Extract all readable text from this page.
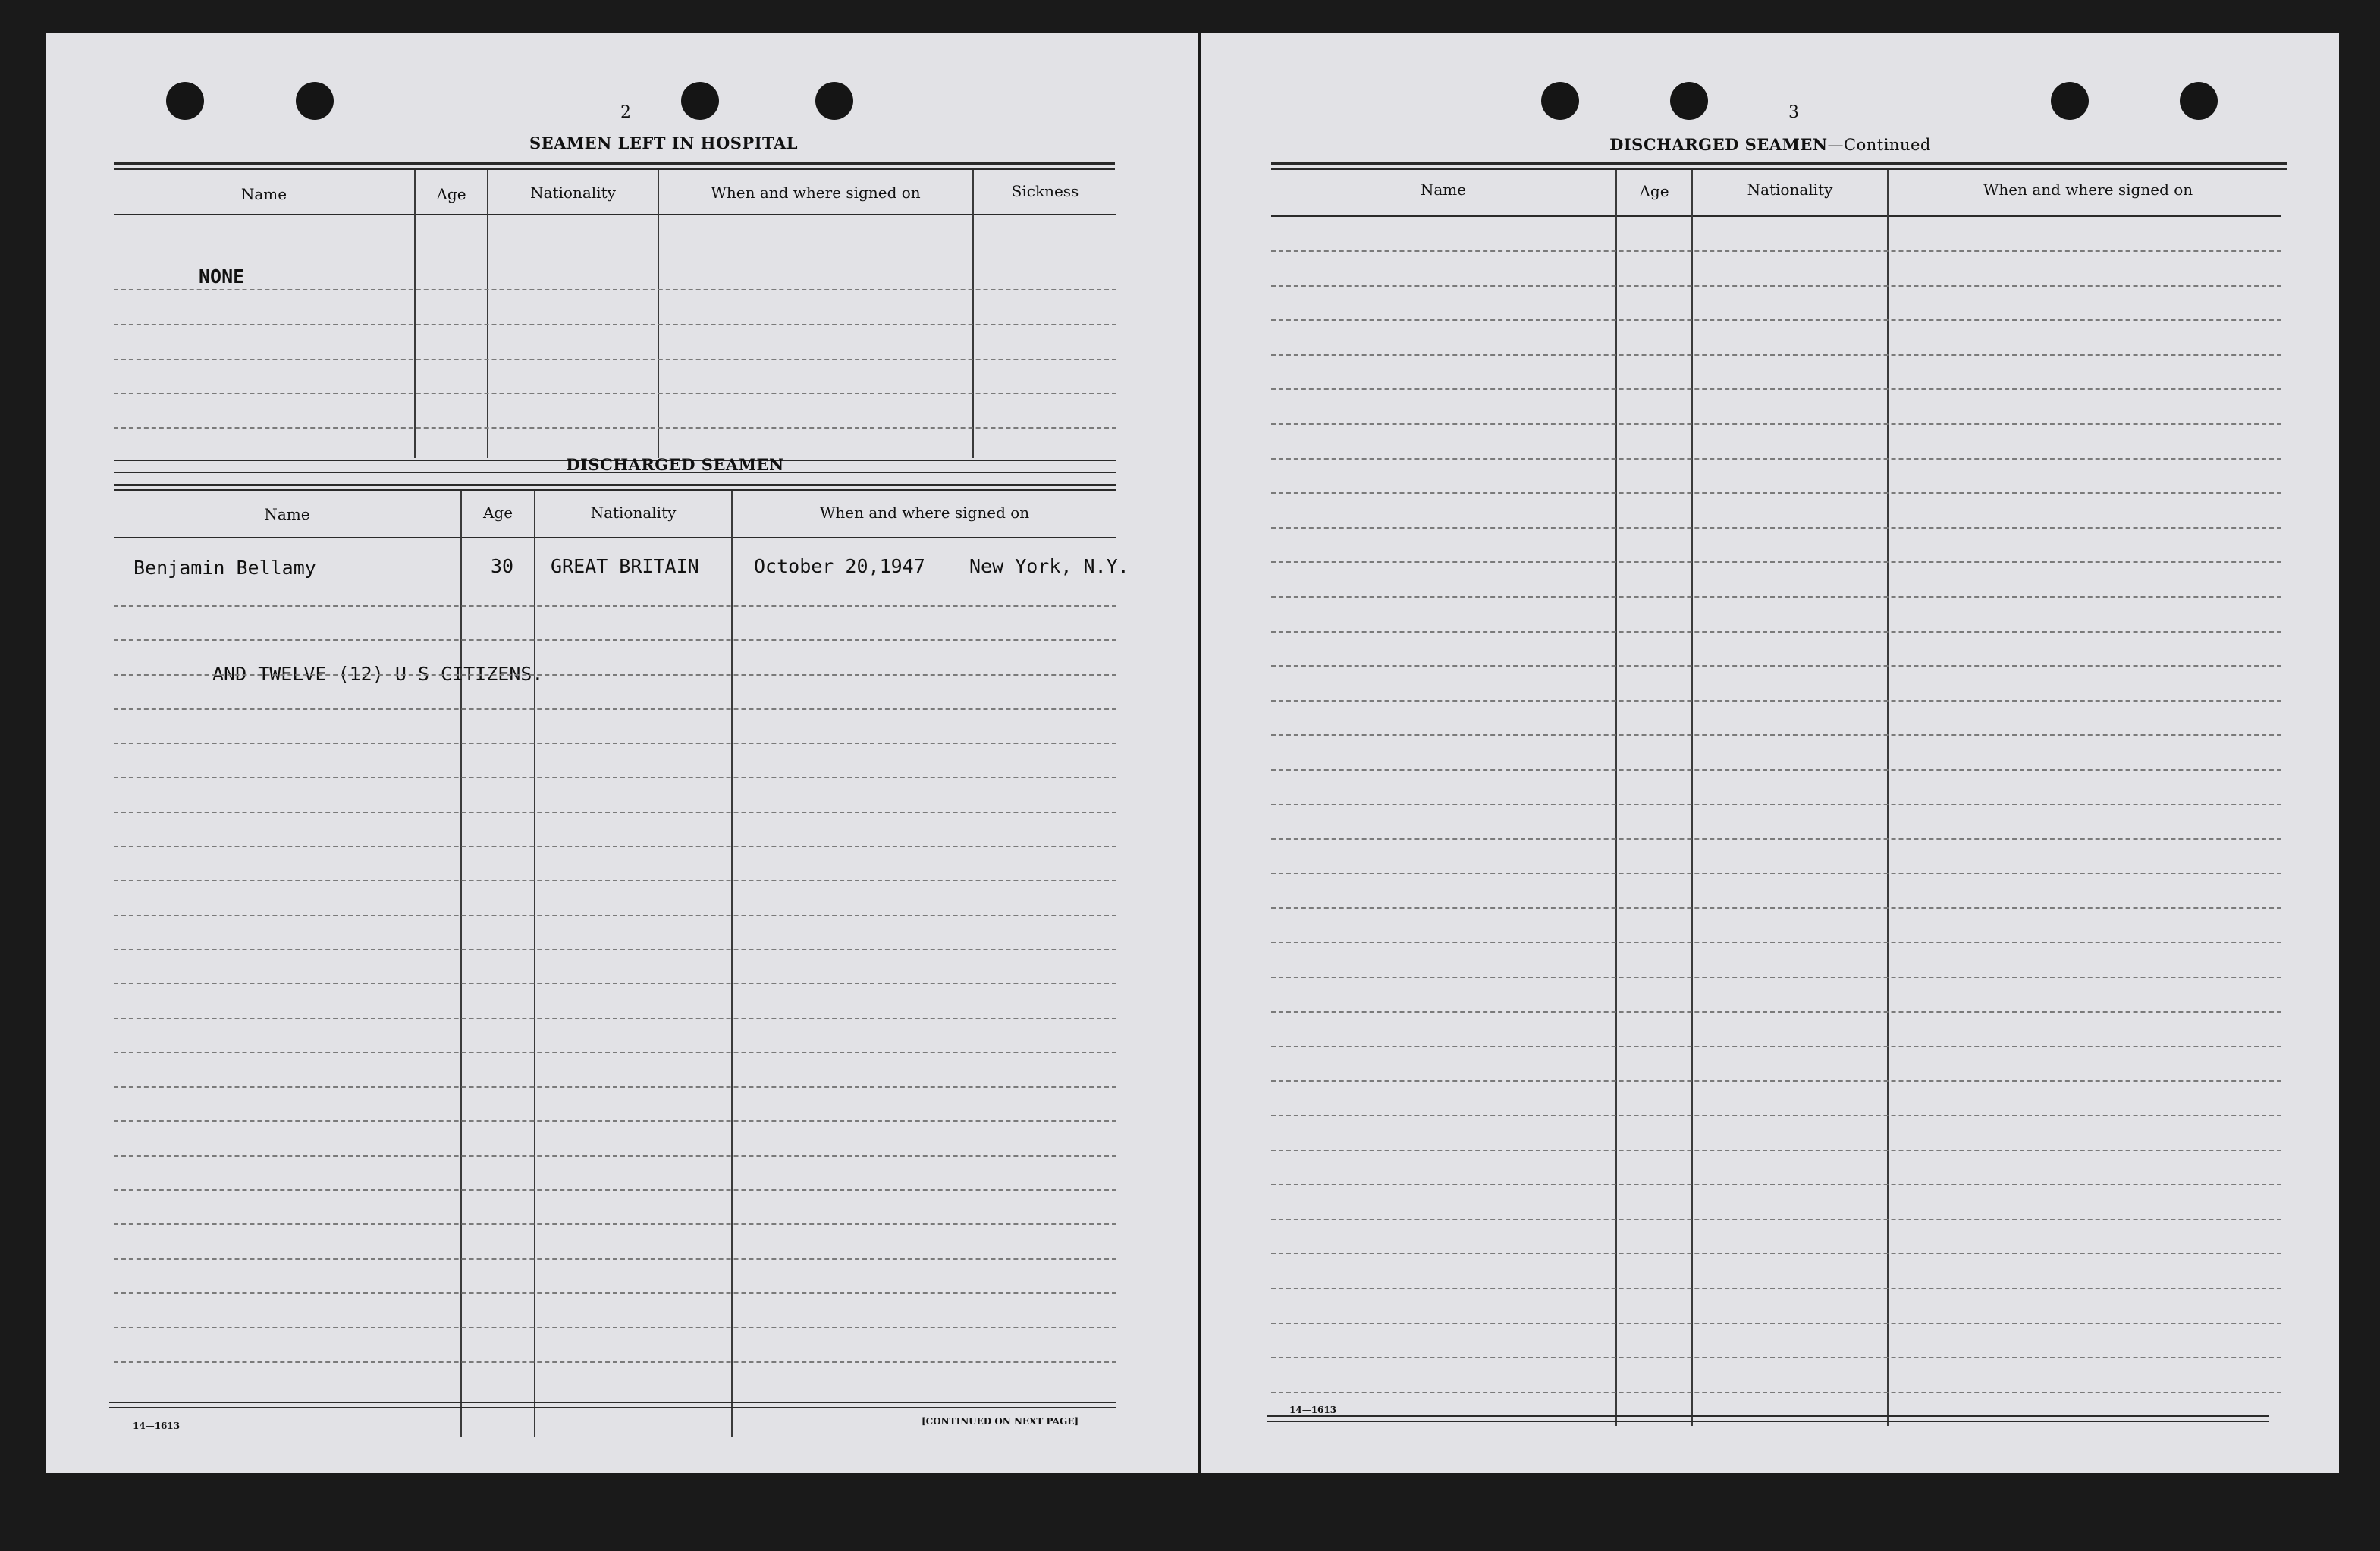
2
SEAMEN LEFT IN HOSPITAL
Name	Age	Nationality	When and where signed on	Sickness
NONE
DISCHARGED SEAMEN
Name	Age	Nationality	When and where signed on
Benjamin Bellamy	30 GREAT BRITAIN	October 20,1947 New York, N.Y.
AND TWELVE (12) U S CITIZENS.
14—1613	[CONTINUED ON NEXT PAGE]
3
DISCHARGED SEAMEN—Continued
Name	Age	Nationality	When and where signed on
14—1613
